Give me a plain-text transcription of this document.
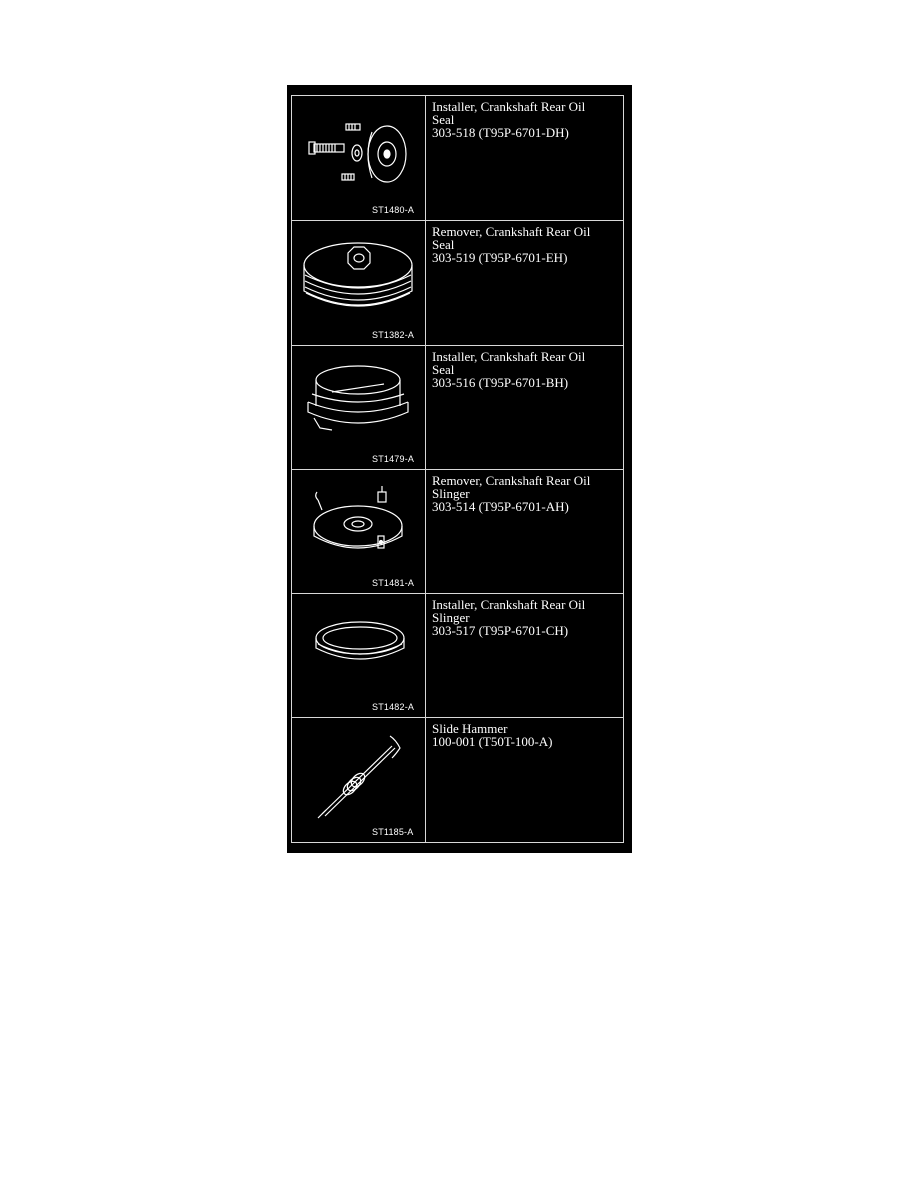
ST1480-A
Installer, Crankshaft Rear Oil
Seal
303-518 (T95P-6701-DH)
ST1382-A
Remover, Crankshaft Rear Oil
Seal
303-519 (T95P-6701-EH)
ST1479-A
Installer, Crankshaft Rear Oil
Seal
303-516 (T95P-6701-BH)
ST1481-A
Remover, Crankshaft Rear Oil
Slinger
303-514 (T95P-6701-AH)
ST1482-A
Installer, Crankshaft Rear Oil
Slinger
303-517 (T95P-6701-CH)
ST1185-A
Slide Hammer
100-001 (T50T-100-A)
